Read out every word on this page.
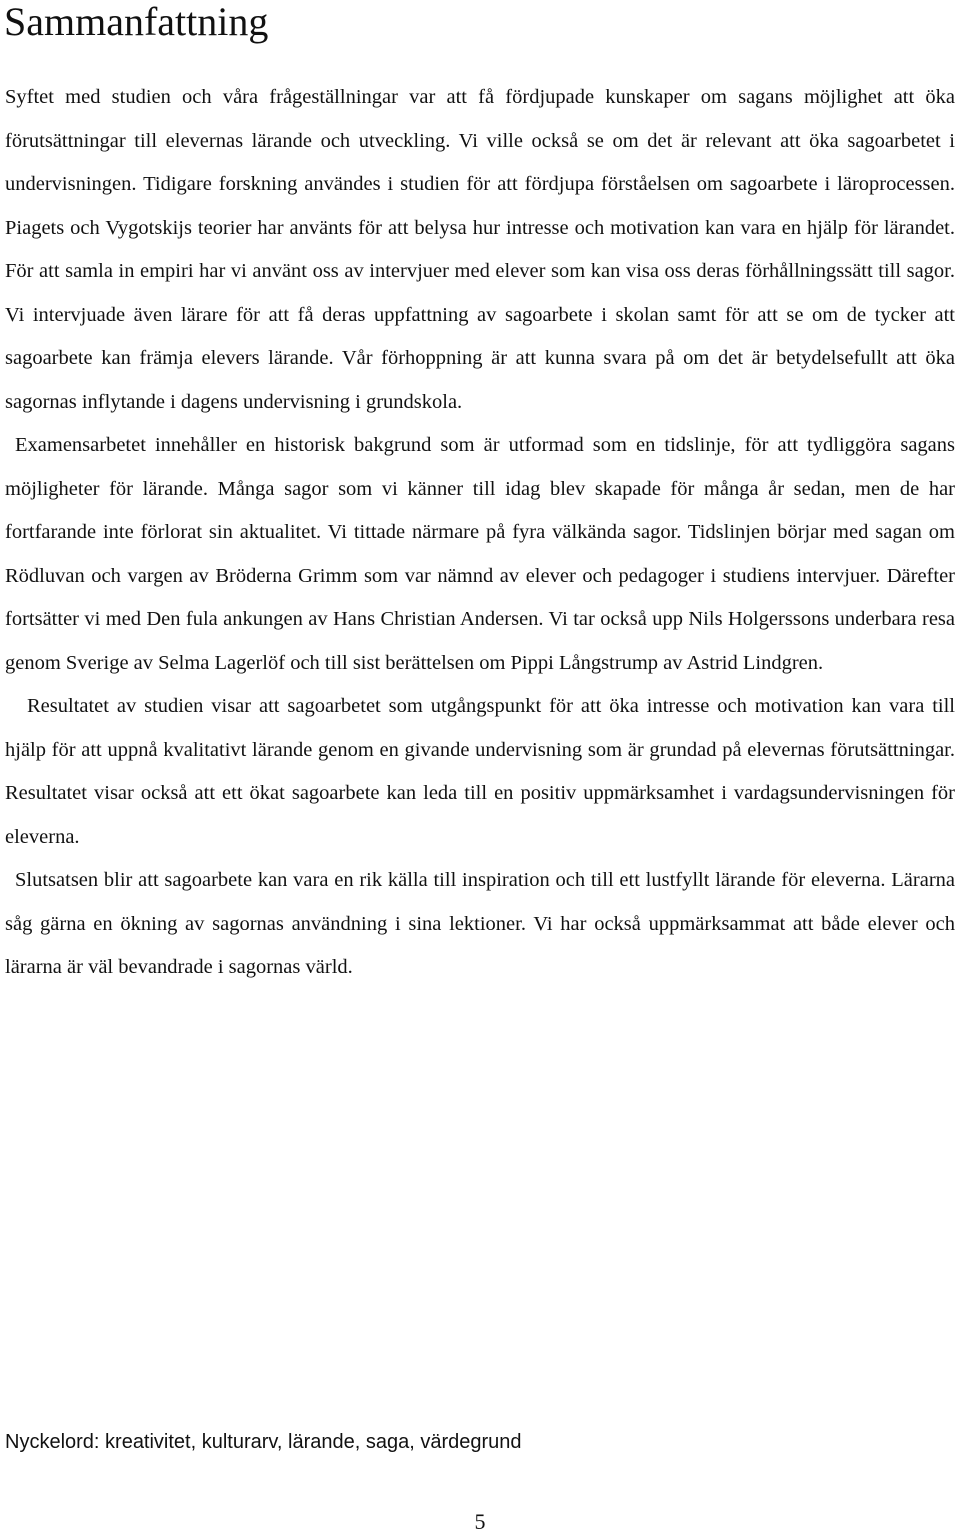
Sammanfattning

Syftet med studien och våra frågeställningar var att få fördjupade kunskaper om sagans möjlighet att öka förutsättningar till elevernas lärande och utveckling. Vi ville också se om det är relevant att öka sagoarbetet i undervisningen. Tidigare forskning användes i studien för att fördjupa förståelsen om sagoarbete i läroprocessen. Piagets och Vygotskijs teorier har använts för att belysa hur intresse och motivation kan vara en hjälp för lärandet. För att samla in empiri har vi använt oss av intervjuer med elever som kan visa oss deras förhållningssätt till sagor. Vi intervjuade även lärare för att få deras uppfattning av sagoarbete i skolan samt för att se om de tycker att sagoarbete kan främja elevers lärande. Vår förhoppning är att kunna svara på om det är betydelsefullt att öka sagornas inflytande i dagens undervisning i grundskola.

Examensarbetet innehåller en historisk bakgrund som är utformad som en tidslinje, för att tydliggöra sagans möjligheter för lärande. Många sagor som vi känner till idag blev skapade för många år sedan, men de har fortfarande inte förlorat sin aktualitet. Vi tittade närmare på fyra välkända sagor. Tidslinjen börjar med sagan om Rödluvan och vargen av Bröderna Grimm som var nämnd av elever och pedagoger i studiens intervjuer. Därefter fortsätter vi med Den fula ankungen av Hans Christian Andersen. Vi tar också upp Nils Holgerssons underbara resa genom Sverige av Selma Lagerlöf och till sist berättelsen om Pippi Långstrump av Astrid Lindgren.

Resultatet av studien visar att sagoarbetet som utgångspunkt för att öka intresse och motivation kan vara till hjälp för att uppnå kvalitativt lärande genom en givande undervisning som är grundad på elevernas förutsättningar. Resultatet visar också att ett ökat sagoarbete kan leda till en positiv uppmärksamhet i vardagsundervisningen för eleverna.

Slutsatsen blir att sagoarbete kan vara en rik källa till inspiration och till ett lustfyllt lärande för eleverna. Lärarna såg gärna en ökning av sagornas användning i sina lektioner. Vi har också uppmärksammat att både elever och lärarna är väl bevandrade i sagornas värld.

Nyckelord: kreativitet, kulturarv, lärande, saga, värdegrund

5
